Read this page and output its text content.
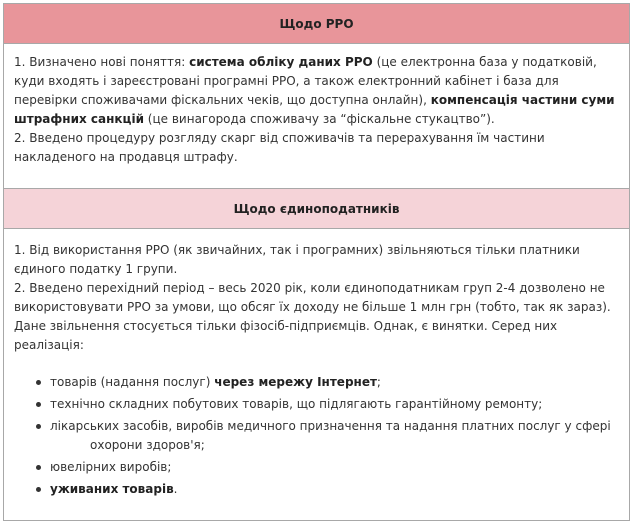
Щодо РРО

1. Визначено нові поняття: система обліку даних РРО (це електронна база у податковій, куди входять і зареєстровані програмні РРО, а також електронний кабінет і база для перевірки споживачами фіскальних чеків, що доступна онлайн), компенсація частини суми штрафних санкцій (це винагорода споживачу за “фіскальне стукацтво”).

2. Введено процедуру розгляду скарг від споживачів та перерахування їм частини накладеного на продавця штрафу.

Щодо єдиноподатників

1. Від використання РРО (як звичайних, так і програмних) звільняються тільки платники єдиного податку 1 групи.

2. Введено перехідний період – весь 2020 рік, коли єдиноподатникам груп 2-4 дозволено не використовувати РРО за умови, що обсяг їх доходу не більше 1 млн грн (тобто, так як зараз). Дане звільнення стосується тільки фізосіб-підприємців. Однак, є винятки. Серед них реалізація:

товарів (надання послуг) через мережу Інтернет;
технічно складних побутових товарів, що підлягають гарантійному ремонту;
лікарських засобів, виробів медичного призначення та надання платних послуг у сфері
охорони здоров'я;
ювелірних виробів;
уживаних товарів.
